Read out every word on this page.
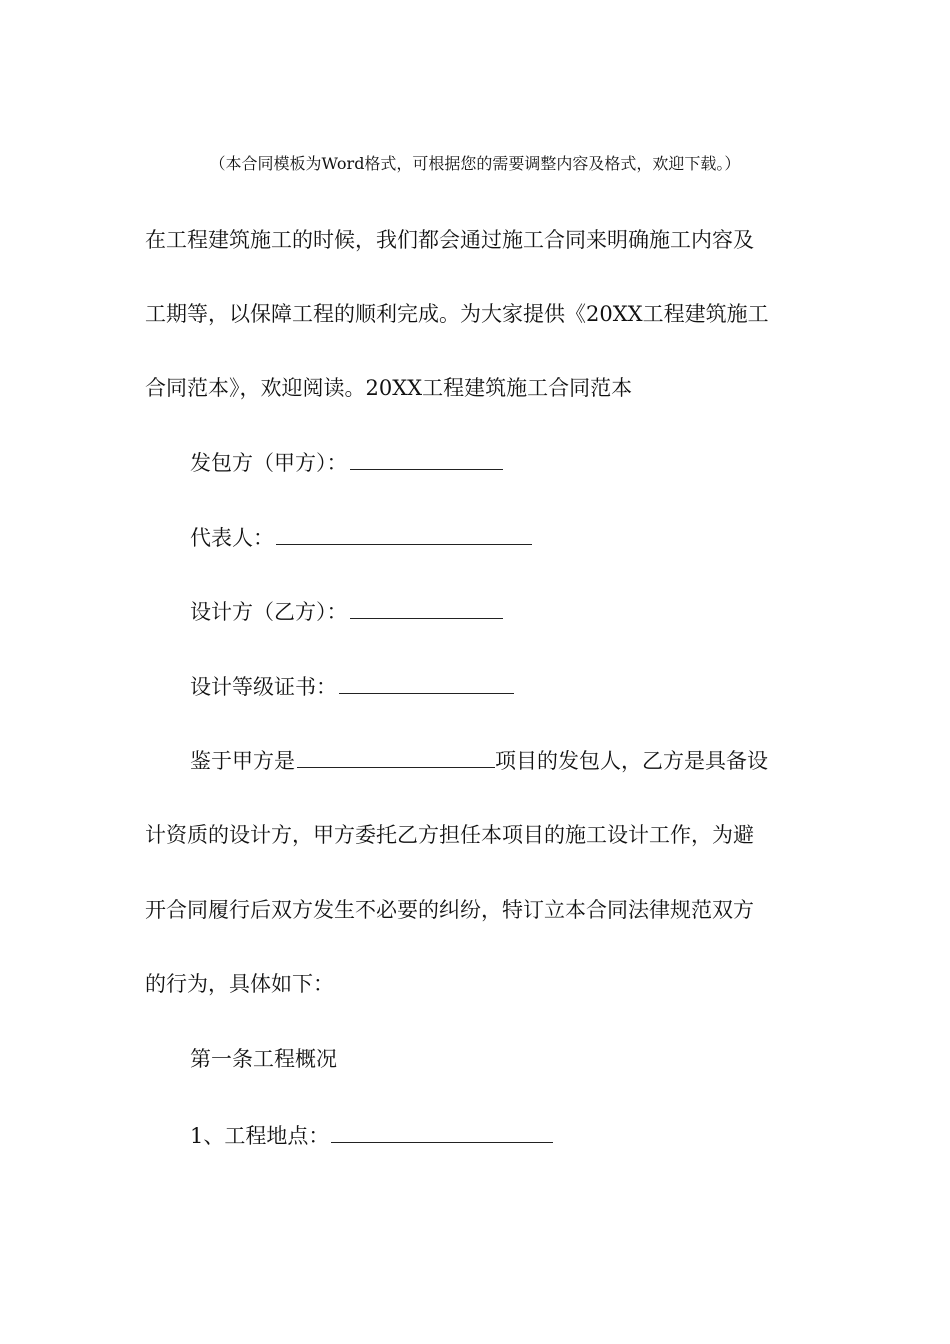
（本合同模板为Word格式，可根据您的需要调整内容及格式，欢迎下载。）
在工程建筑施工的时候，我们都会通过施工合同来明确施工内容及
工期等，以保障工程的顺利完成。为大家提供《20XX工程建筑施工
合同范本》，欢迎阅读。20XX工程建筑施工合同范本
发包方（甲方）：
代表人：
设计方（乙方）：
设计等级证书：
鉴于甲方是	项目的发包人，乙方是具备设
计资质的设计方，甲方委托乙方担任本项目的施工设计工作，为避
开合同履行后双方发生不必要的纠纷，特订立本合同法律规范双方
的行为，具体如下：
第一条工程概况
1、工程地点：
